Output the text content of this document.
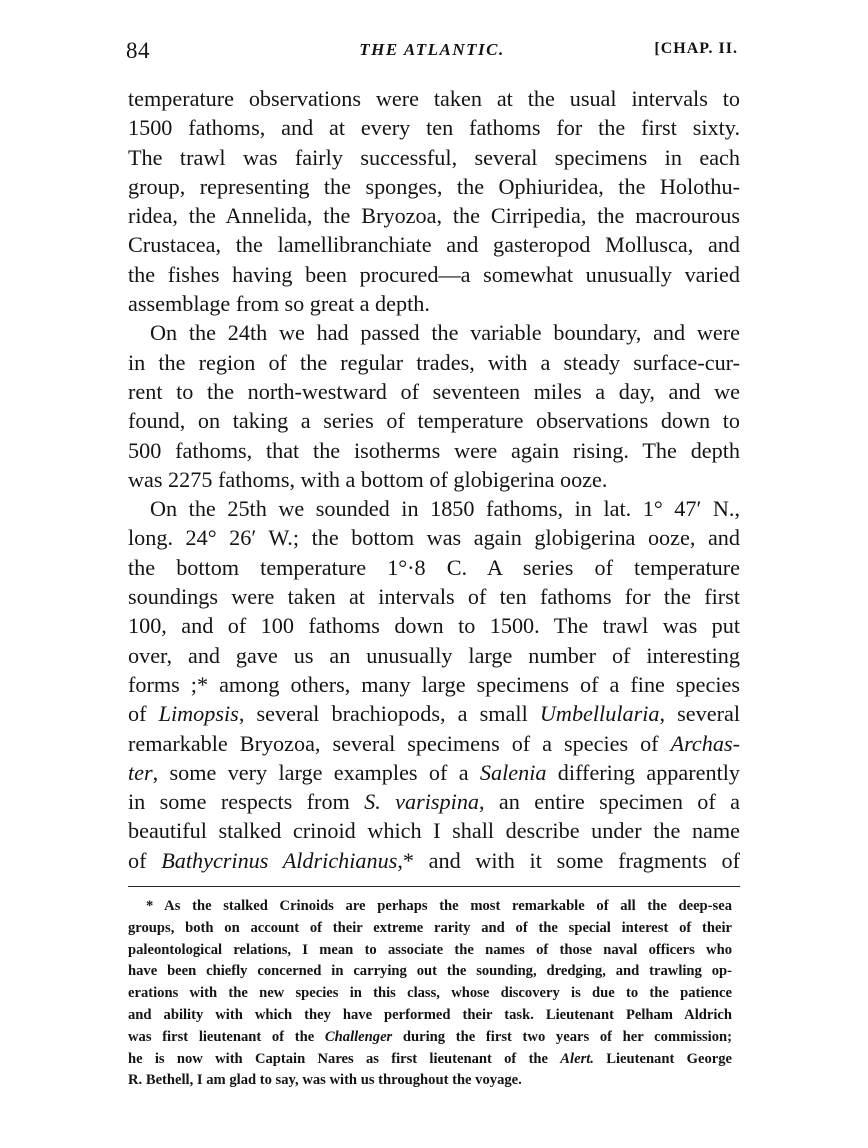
84	THE ATLANTIC.	[CHAP. II.
temperature observations were taken at the usual intervals to
1500 fathoms, and at every ten fathoms for the first sixty.
The trawl was fairly successful, several specimens in each
group, representing the sponges, the Ophiuridea, the Holothu-
ridea, the Annelida, the Bryozoa, the Cirripedia, the macrourous
Crustacea, the lamellibranchiate and gasteropod Mollusca, and
the fishes having been procured—a somewhat unusually varied
assemblage from so great a depth.
On the 24th we had passed the variable boundary, and were
in the region of the regular trades, with a steady surface-cur-
rent to the north-westward of seventeen miles a day, and we
found, on taking a series of temperature observations down to
500 fathoms, that the isotherms were again rising. The depth
was 2275 fathoms, with a bottom of globigerina ooze.
On the 25th we sounded in 1850 fathoms, in lat. 1° 47′ N.,
long. 24° 26′ W.; the bottom was again globigerina ooze, and
the bottom temperature 1°·8 C. A series of temperature
soundings were taken at intervals of ten fathoms for the first
100, and of 100 fathoms down to 1500. The trawl was put
over, and gave us an unusually large number of interesting
forms ;* among others, many large specimens of a fine species
of Limopsis, several brachiopods, a small Umbellularia, several
remarkable Bryozoa, several specimens of a species of Archas-
ter, some very large examples of a Salenia differing apparently
in some respects from S. varispina, an entire specimen of a
beautiful stalked crinoid which I shall describe under the name
of Bathycrinus Aldrichianus,* and with it some fragments of
* As the stalked Crinoids are perhaps the most remarkable of all the deep-sea
groups, both on account of their extreme rarity and of the special interest of their
paleontological relations, I mean to associate the names of those naval officers who
have been chiefly concerned in carrying out the sounding, dredging, and trawling op-
erations with the new species in this class, whose discovery is due to the patience
and ability with which they have performed their task. Lieutenant Pelham Aldrich
was first lieutenant of the Challenger during the first two years of her commission;
he is now with Captain Nares as first lieutenant of the Alert. Lieutenant George
R. Bethell, I am glad to say, was with us throughout the voyage.
